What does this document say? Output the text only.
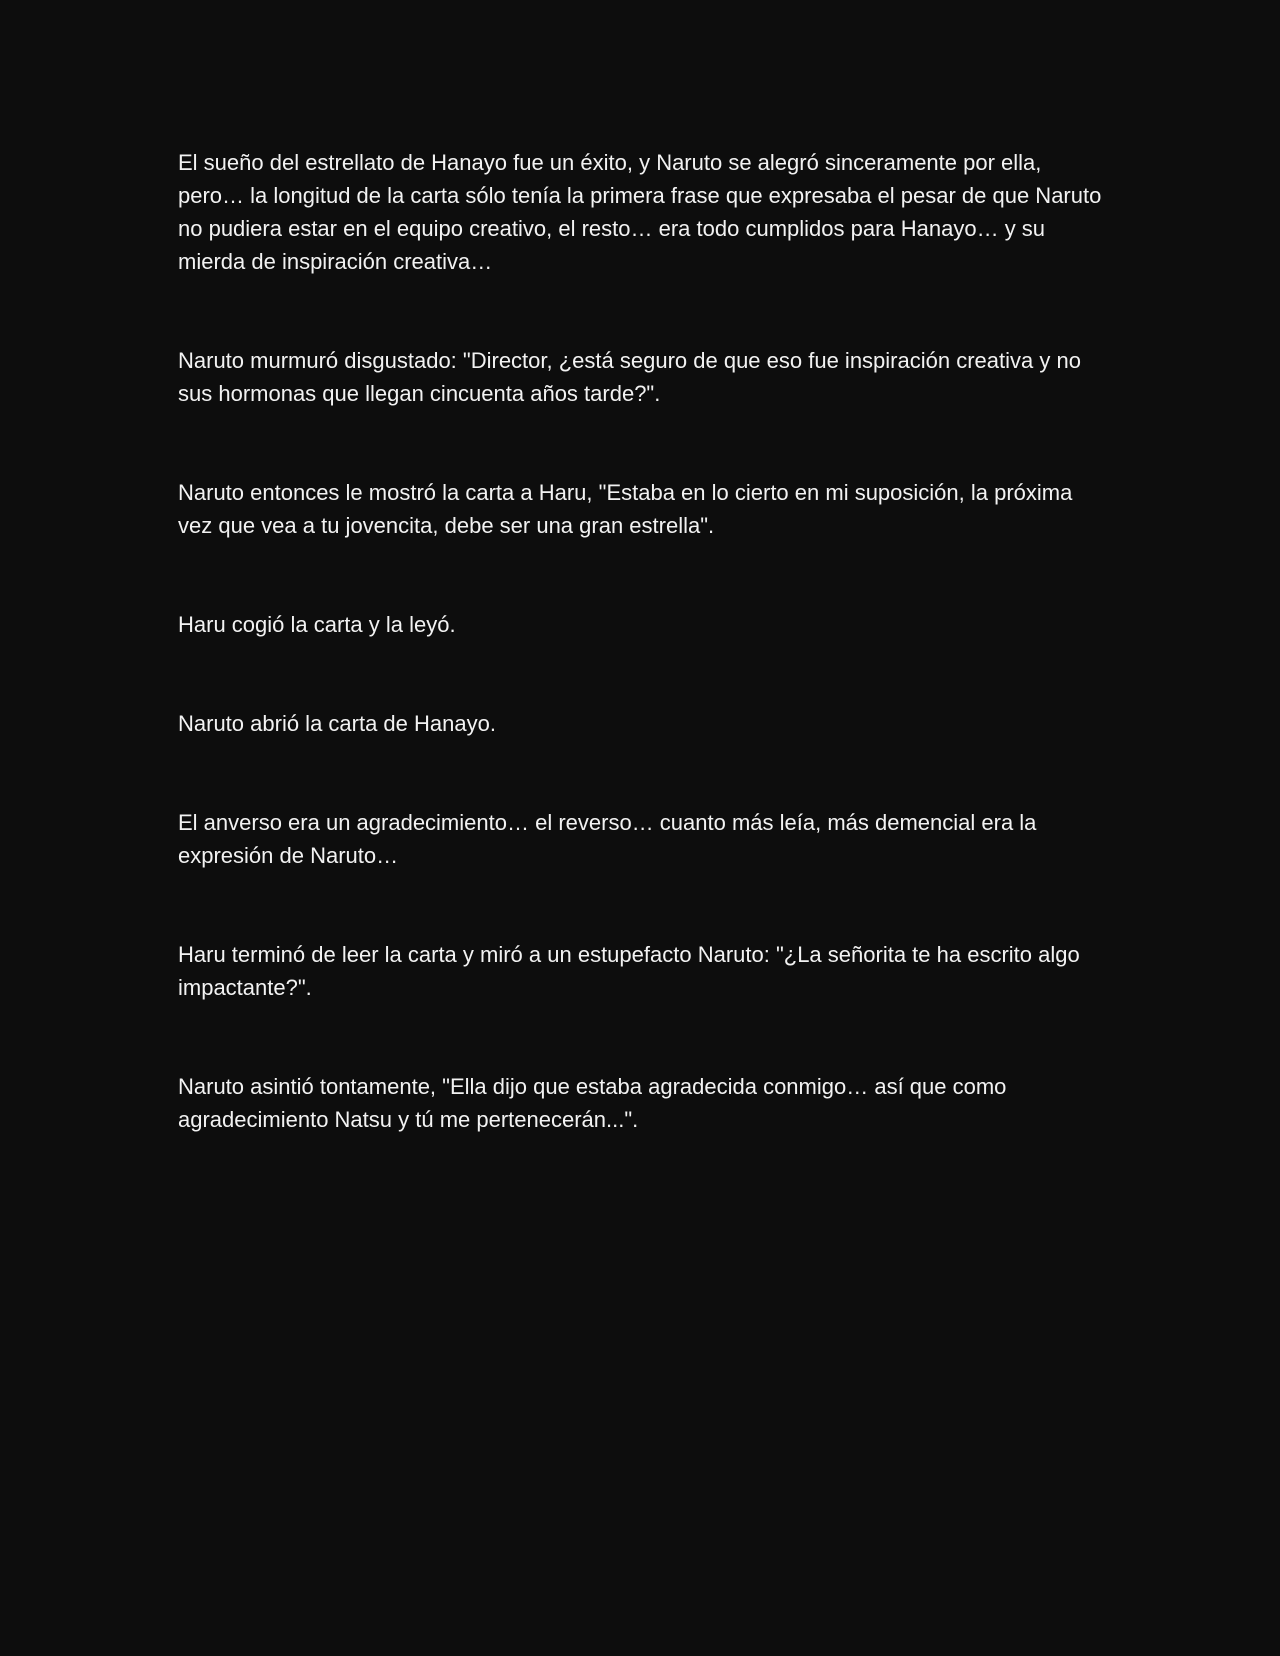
El sueño del estrellato de Hanayo fue un éxito, y Naruto se alegró sinceramente por ella, pero… la longitud de la carta sólo tenía la primera frase que expresaba el pesar de que Naruto no pudiera estar en el equipo creativo, el resto… era todo cumplidos para Hanayo… y su mierda de inspiración creativa…

Naruto murmuró disgustado: "Director, ¿está seguro de que eso fue inspiración creativa y no sus hormonas que llegan cincuenta años tarde?".

Naruto entonces le mostró la carta a Haru, "Estaba en lo cierto en mi suposición, la próxima vez que vea a tu jovencita, debe ser una gran estrella".

Haru cogió la carta y la leyó.

Naruto abrió la carta de Hanayo.

El anverso era un agradecimiento… el reverso… cuanto más leía, más demencial era la expresión de Naruto…

Haru terminó de leer la carta y miró a un estupefacto Naruto: "¿La señorita te ha escrito algo impactante?".

Naruto asintió tontamente, "Ella dijo que estaba agradecida conmigo… así que como agradecimiento Natsu y tú me pertenecerán...".
